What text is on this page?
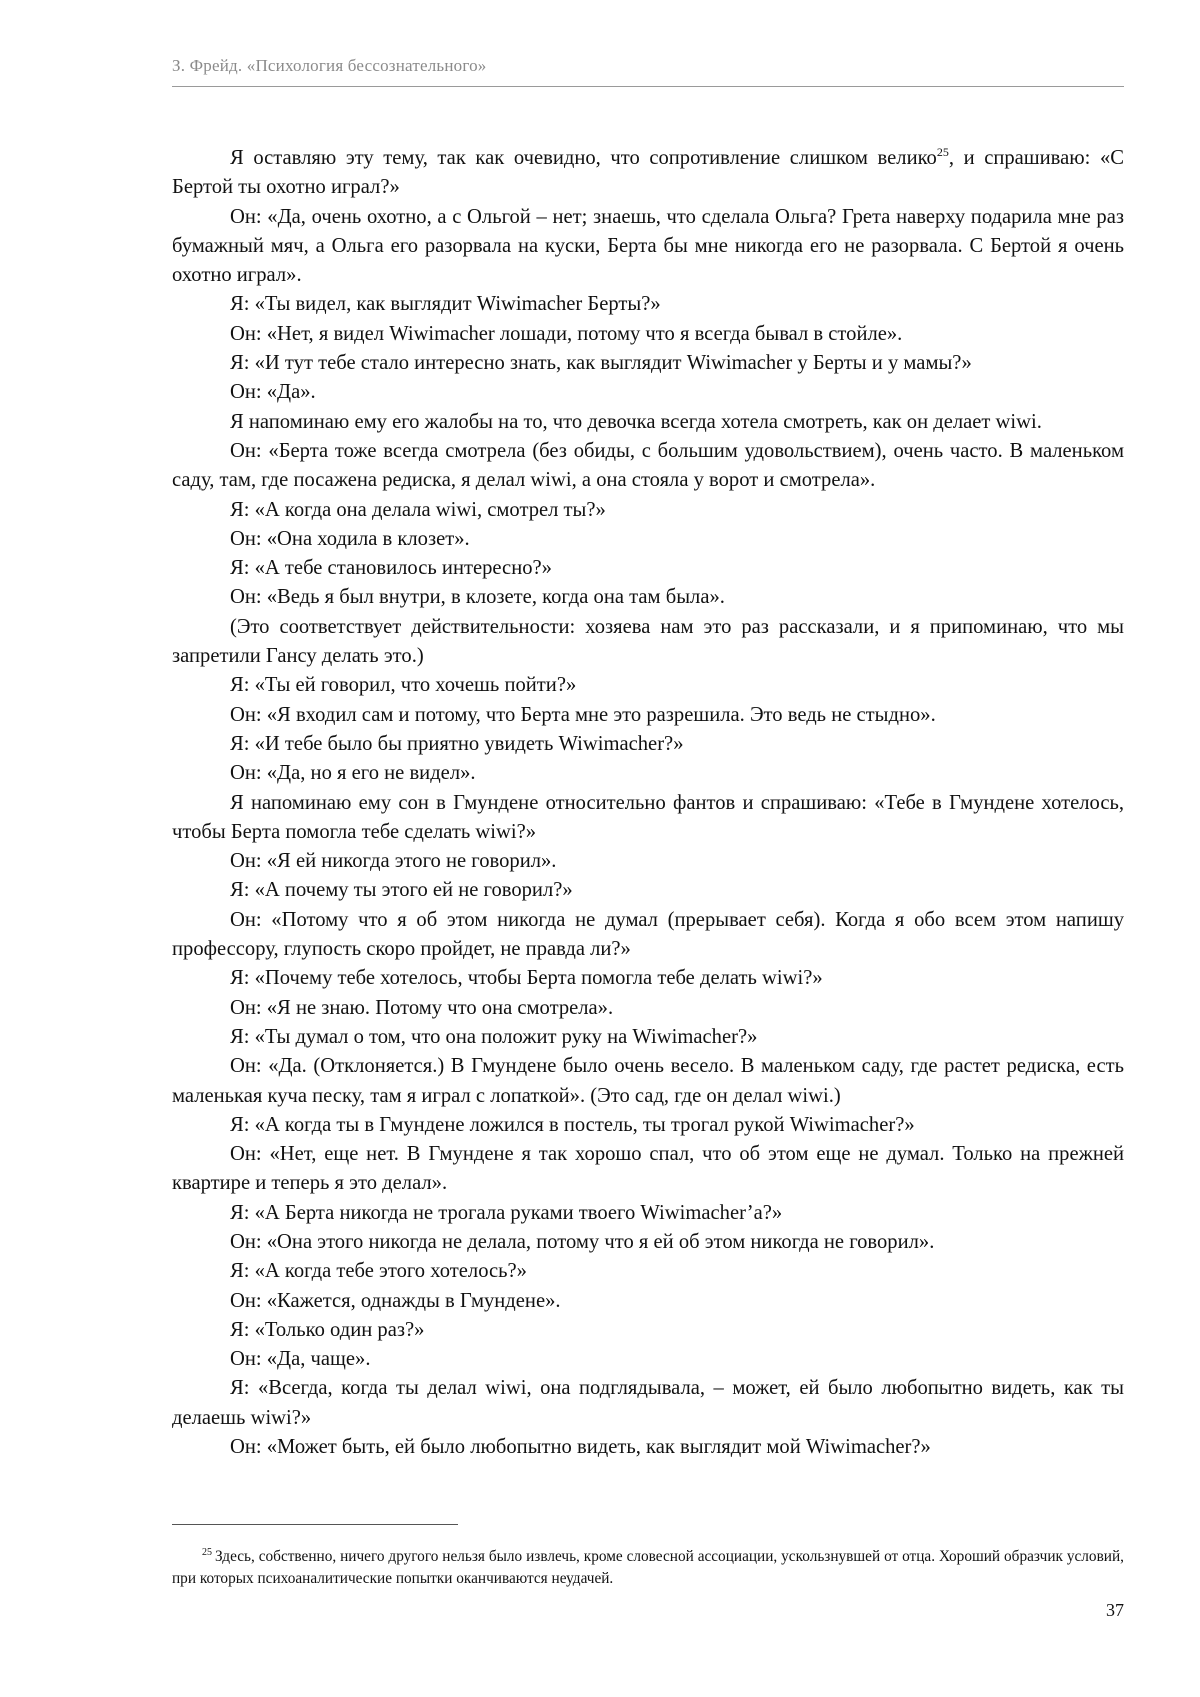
З. Фрейд. «Психология бессознательного»

Я оставляю эту тему, так как очевидно, что сопротивление слишком велико$^{25}$, и спрашиваю: «С Бертой ты охотно играл?»

Он: «Да, очень охотно, а с Ольгой – нет; знаешь, что сделала Ольга? Грета наверху подарила мне раз бумажный мяч, а Ольга его разорвала на куски, Берта бы мне никогда его не разорвала. С Бертой я очень охотно играл».

Я: «Ты видел, как выглядит Wiwimacher Берты?»

Он: «Нет, я видел Wiwimacher лошади, потому что я всегда бывал в стойле».

Я: «И тут тебе стало интересно знать, как выглядит Wiwimacher у Берты и у мамы?»

Он: «Да».

Я напоминаю ему его жалобы на то, что девочка всегда хотела смотреть, как он делает wiwi.

Он: «Берта тоже всегда смотрела (без обиды, с большим удовольствием), очень часто. В маленьком саду, там, где посажена редиска, я делал wiwi, а она стояла у ворот и смотрела».

Я: «А когда она делала wiwi, смотрел ты?»

Он: «Она ходила в клозет».

Я: «А тебе становилось интересно?»

Он: «Ведь я был внутри, в клозете, когда она там была».

(Это соответствует действительности: хозяева нам это раз рассказали, и я припоминаю, что мы запретили Гансу делать это.)

Я: «Ты ей говорил, что хочешь пойти?»

Он: «Я входил сам и потому, что Берта мне это разрешила. Это ведь не стыдно».

Я: «И тебе было бы приятно увидеть Wiwimacher?»

Он: «Да, но я его не видел».

Я напоминаю ему сон в Гмундене относительно фантов и спрашиваю: «Тебе в Гмундене хотелось, чтобы Берта помогла тебе сделать wiwi?»

Он: «Я ей никогда этого не говорил».

Я: «А почему ты этого ей не говорил?»

Он: «Потому что я об этом никогда не думал (прерывает себя). Когда я обо всем этом напишу профессору, глупость скоро пройдет, не правда ли?»

Я: «Почему тебе хотелось, чтобы Берта помогла тебе делать wiwi?»

Он: «Я не знаю. Потому что она смотрела».

Я: «Ты думал о том, что она положит руку на Wiwimacher?»

Он: «Да. (Отклоняется.) В Гмундене было очень весело. В маленьком саду, где растет редиска, есть маленькая куча песку, там я играл с лопаткой». (Это сад, где он делал wiwi.)

Я: «А когда ты в Гмундене ложился в постель, ты трогал рукой Wiwimacher?»

Он: «Нет, еще нет. В Гмундене я так хорошо спал, что об этом еще не думал. Только на прежней квартире и теперь я это делал».

Я: «А Берта никогда не трогала руками твоего Wiwimacher’a?»

Он: «Она этого никогда не делала, потому что я ей об этом никогда не говорил».

Я: «А когда тебе этого хотелось?»

Он: «Кажется, однажды в Гмундене».

Я: «Только один раз?»

Он: «Да, чаще».

Я: «Всегда, когда ты делал wiwi, она подглядывала, – может, ей было любопытно видеть, как ты делаешь wiwi?»

Он: «Может быть, ей было любопытно видеть, как выглядит мой Wiwimacher?»

$^{25}$ Здесь, собственно, ничего другого нельзя было извлечь, кроме словесной ассоциации, ускользнувшей от отца. Хороший образчик условий, при которых психоаналитические попытки оканчиваются неудачей.
37
